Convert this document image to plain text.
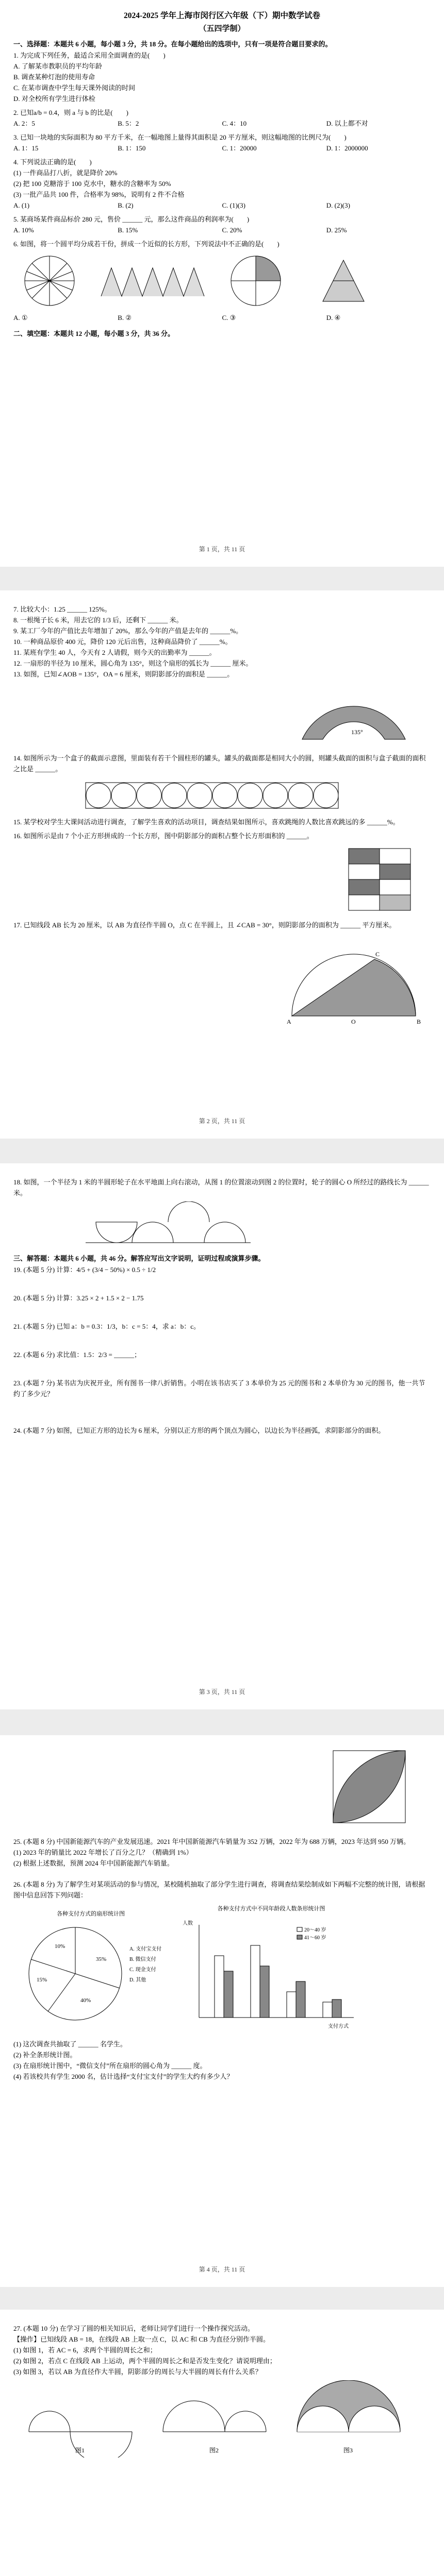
2024-2025 学年上海市闵行区六年级（下）期中数学试卷
（五四学制）
一、选择题：本题共 6 小题，每小题 3 分，共 18 分。在每小题给出的选项中，只有一项是符合题目要求的。
1. 为完成下列任务，最适合采用全面调查的是(　　)
A. 了解某市教职员的平均年龄
B. 调查某种灯泡的使用寿命
C. 在某市调查中学生每天课外阅读的时间
D. 对全校所有学生进行体检
2. 已知a/b = 0.4，则 a 与 b 的比是(　　)
A. 2：5	B. 5：2	C. 4：10	D. 以上都不对
3. 已知一块地的实际面积为 80 平方千米，在一幅地图上量得其面积是 20 平方厘米，则这幅地图的比例尺为(　　)
A. 1：15	B. 1：150	C. 1：20000	D. 1：2000000
4. 下列说法正确的是(　　)
(1) 一件商品打八折，就是降价 20%
(2) 把 100 克糖溶于 100 克水中，糖水的含糖率为 50%
(3) 一批产品共 100 件，合格率为 98%，说明有 2 件不合格
A. (1)	B. (2)	C. (1)(3)	D. (2)(3)
5. 某商场某件商品标价 280 元，售价 ______ 元，那么这件商品的利润率为(　　)
A. 10%	B. 15%	C. 20%	D. 25%
6. 如图，将一个圆平均分成若干份，拼成一个近似的长方形，下列说法中不正确的是(　　)
A. ①	B. ②	C. ③	D. ④
二、填空题：本题共 12 小题，每小题 3 分，共 36 分。
第 1 页，共 11 页
7. 比较大小：1.25 ______ 125%。
8. 一根绳子长 6 米，用去它的 1/3 后，还剩下 ______ 米。
9. 某工厂今年的产值比去年增加了 20%，那么今年的产值是去年的 ______%。
10. 一种商品原价 400 元，降价 120 元后出售，这种商品降价了 ______%。
11. 某班有学生 40 人，今天有 2 人请假，则今天的出勤率为 ______。
12. 一扇形的半径为 10 厘米，圆心角为 135°，则这个扇形的弧长为 ______ 厘米。
13. 如图，已知∠AOB = 135°，OA = 6 厘米，则阴影部分的面积是 ______。
135°
14. 如图所示为一个盒子的截面示意图，里面装有若干个圆柱形的罐头，罐头的截面都是相同大小的圆，则罐头截面的面积与盒子截面的面积之比是 ______。
15. 某学校对学生大课间活动进行调查，了解学生喜欢的活动项目，调查结果如图所示，喜欢跳绳的人数比喜欢跳远的多 ______%。
16. 如图所示是由 7 个小正方形拼成的一个长方形，图中阴影部分的面积占整个长方形面积的 ______。
17. 已知线段 AB 长为 20 厘米，以 AB 为直径作半圆 O，点 C 在半圆上，且 ∠CAB = 30°，则阴影部分的面积为 ______ 平方厘米。
A	B
C
O
第 2 页，共 11 页
18. 如图，一个半径为 1 米的半圆形轮子在水平地面上向右滚动，从图 1 的位置滚动到图 2 的位置时，轮子的圆心 O 所经过的路线长为 ______ 米。
三、解答题：本题共 6 小题，共 46 分。解答应写出文字说明，证明过程或演算步骤。
19. (本题 5 分) 计算：4/5 + (3/4 − 50%) × 0.5 ÷ 1/2
20. (本题 5 分) 计算：3.25 × 2 + 1.5 × 2 − 1.75
21. (本题 5 分) 已知 a：b = 0.3：1/3，b：c = 5：4，求 a：b：c。
22. (本题 6 分) 求比值：1.5：2/3 = ______；
23. (本题 7 分) 某书店为庆祝开业，所有图书一律八折销售。小明在该书店买了 3 本单价为 25 元的图书和 2 本单价为 30 元的图书，他一共节约了多少元？
24. (本题 7 分) 如图，已知正方形的边长为 6 厘米，分别以正方形的两个顶点为圆心，以边长为半径画弧，求阴影部分的面积。
第 3 页，共 11 页
25. (本题 8 分) 中国新能源汽车的产业发展迅速。2021 年中国新能源汽车销量为 352 万辆，2022 年为 688 万辆，2023 年达到 950 万辆。
(1) 2023 年的销量比 2022 年增长了百分之几？（精确到 1%）
(2) 根据上述数据，预测 2024 年中国新能源汽车销量。
26. (本题 8 分) 为了解学生对某项活动的参与情况，某校随机抽取了部分学生进行调查，将调查结果绘制成如下两幅不完整的统计图，请根据图中信息回答下列问题：
各种支付方式的扇形统计图
35%
40%
15%
10%	A. 支付宝支付
B. 微信支付
C. 现金支付
D. 其他
各种支付方式中不同年龄段人数条形统计图
人数
支付方式
20～40 岁
41～60 岁
(1) 这次调查共抽取了 ______ 名学生。
(2) 补全条形统计图。
(3) 在扇形统计图中，“微信支付”所在扇形的圆心角为 ______ 度。
(4) 若该校共有学生 2000 名，估计选择“支付宝支付”的学生大约有多少人？
第 4 页，共 11 页
27. (本题 10 分) 在学习了圆的相关知识后，老师让同学们进行一个操作探究活动。
【操作】已知线段 AB = 18，在线段 AB 上取一点 C，以 AC 和 CB 为直径分别作半圆。
(1) 如图 1，若 AC = 6，求两个半圆的周长之和；
(2) 如图 2，若点 C 在线段 AB 上运动，两个半圆的周长之和是否发生变化？请说明理由；
(3) 如图 3，若以 AB 为直径作大半圆，阴影部分的周长与大半圆的周长有什么关系？
图1	图2	图3
